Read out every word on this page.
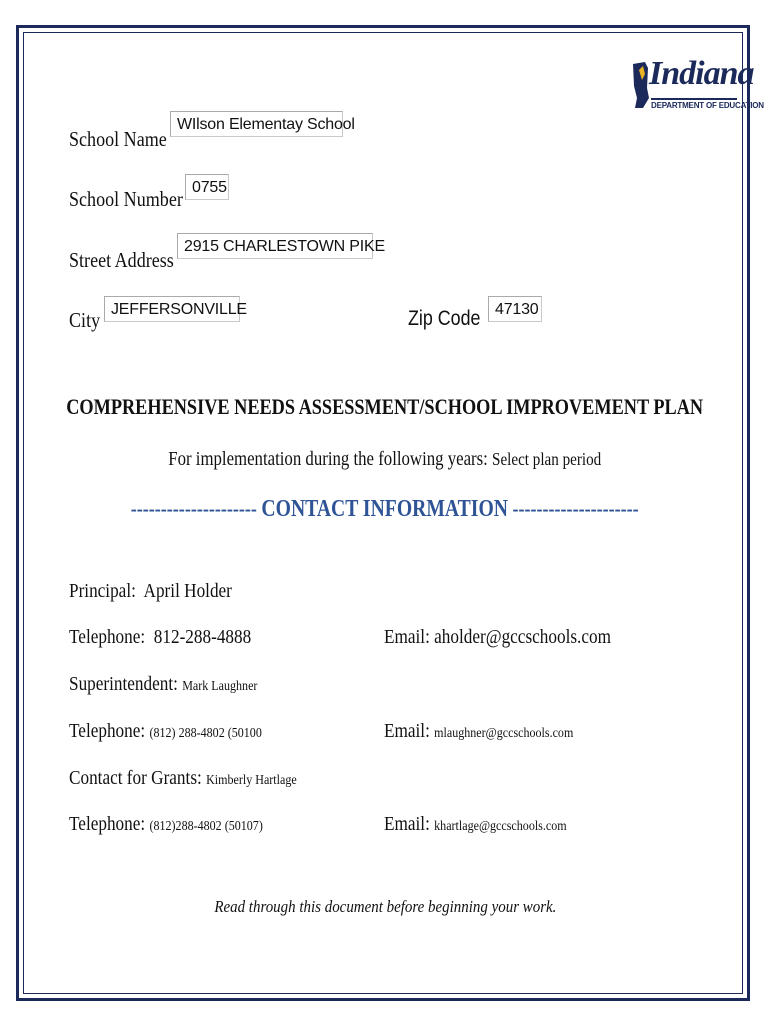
Indiana
DEPARTMENT OF EDUCATION
School Name
WIlson Elementay School
School Number 0755
Street Address
2915 CHARLESTOWN PIKE
City JEFFERSONVILLE	Zip Code 47130
COMPREHENSIVE NEEDS ASSESSMENT/SCHOOL IMPROVEMENT PLAN
For implementation during the following years: Select plan period
--------------------- CONTACT INFORMATION ---------------------
Principal: April Holder
Telephone: 812-288-4888	Email: aholder@gccschools.com
Superintendent: Mark Laughner
Telephone: (812) 288-4802 (50100	Email: mlaughner@gccschools.com
Contact for Grants: Kimberly Hartlage
Telephone: (812)288-4802 (50107)	Email: khartlage@gccschools.com
Read through this document before beginning your work.
